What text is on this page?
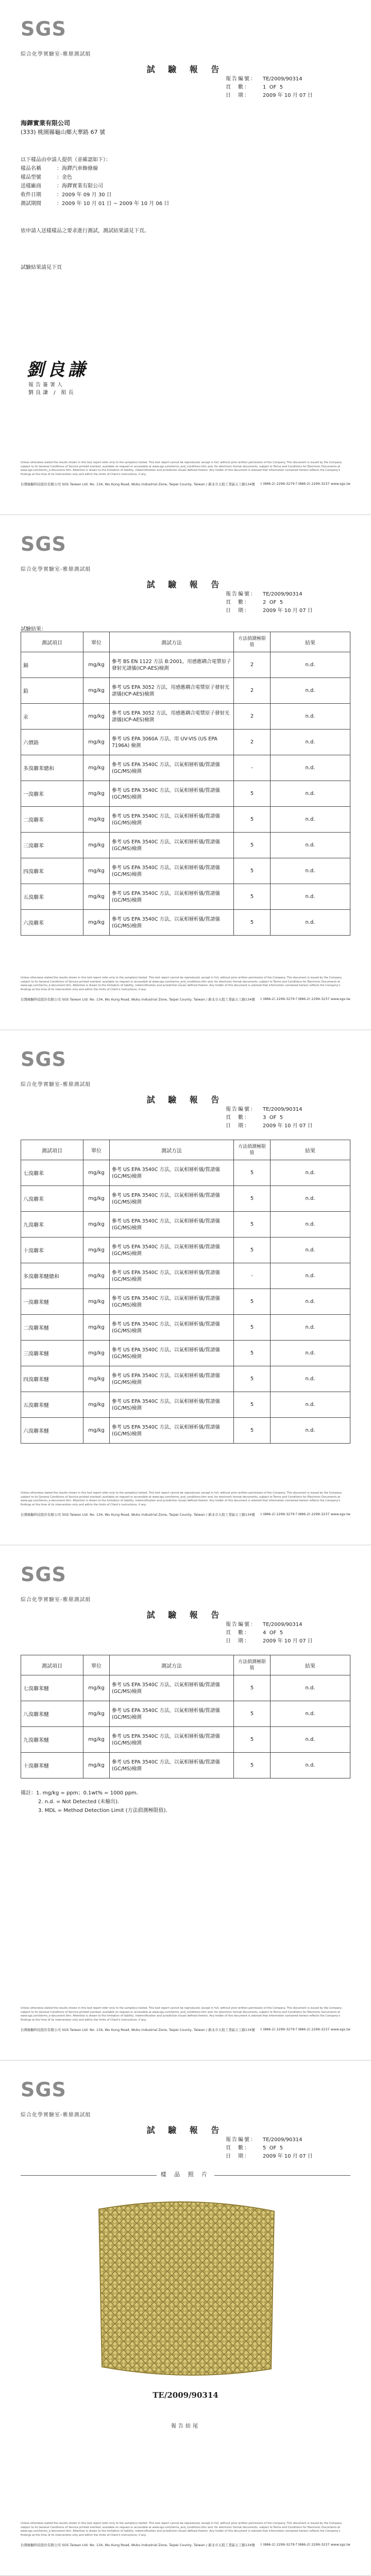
SGS
綜合化學實驗室-雅鼎測試組
試 驗 報 告
報告編號：	TE/2009/90314
頁　數：	1 OF 5
日　期：	2009 年 10 月 07 日
海鐸實業有限公司
(333) 桃園縣龜山鄉大華路 67 號
以下樣品由申請人提供（並確認如下）：
樣品名稱	： 海鐸汽車飾條線
樣品型號	： 金色
送樣廠商	： 海鐸實業有限公司
收件日期	： 2009 年 09 月 30 日
測試期間	： 2009 年 10 月 01 日 ~ 2009 年 10 月 06 日
依申請人送樣樣品之要求進行測試，測試結果請見下頁。
試驗結果請見下頁
劉良謙
報告簽署人
劉良謙 / 組長
Unless otherwise stated the results shown in this test report refer only to the sample(s) tested. This test report cannot be reproduced, except in full, without prior written permission of the Company. This document is issued by the Company subject to its General Conditions of Service printed overleaf, available on request or accessible at www.sgs.com/terms_and_conditions.htm and, for electronic format documents, subject to Terms and Conditions for Electronic Documents at www.sgs.com/terms_e-document.htm. Attention is drawn to the limitation of liability, indemnification and jurisdiction issues defined therein. Any holder of this document is advised that information contained hereon reflects the Company's findings at the time of its intervention only and within the limits of Client's instructions, if any.
台灣檢驗科技股份有限公司 SGS Taiwan Ltd. No. 134, Wu Kung Road, Wuku Industrial Zone, Taipei County, Taiwan / 新北市五股工業區五工路134號 t (886-2) 2299-3279 f (886-2) 2299-3237 www.sgs.tw
SGS
綜合化學實驗室-雅鼎測試組
試 驗 報 告
報告編號：	TE/2009/90314
頁　數：	2 OF 5
日　期：	2009 年 10 月 07 日
試驗結果：
測試項目	單位	測試方法	方法偵測極限值	結果
鎘	mg/kg	參考 BS EN 1122 方法 B:2001，用感應耦合電漿原子發射光譜儀(ICP-AES)檢測	2	n.d.
鉛	mg/kg	參考 US EPA 3052 方法，用感應耦合電漿原子發射光譜儀(ICP-AES)檢測	2	n.d.
汞	mg/kg	參考 US EPA 3052 方法，用感應耦合電漿原子發射光譜儀(ICP-AES)檢測	2	n.d.
六價鉻	mg/kg	參考 US EPA 3060A 方法，用 UV-VIS (US EPA 7196A) 檢測	2	n.d.
多溴聯苯總和	mg/kg	參考 US EPA 3540C 方法，以氣相層析儀/質譜儀(GC/MS)檢測	-	n.d.
一溴聯苯	mg/kg	參考 US EPA 3540C 方法，以氣相層析儀/質譜儀(GC/MS)檢測	5	n.d.
二溴聯苯	mg/kg	參考 US EPA 3540C 方法，以氣相層析儀/質譜儀(GC/MS)檢測	5	n.d.
三溴聯苯	mg/kg	參考 US EPA 3540C 方法，以氣相層析儀/質譜儀(GC/MS)檢測	5	n.d.
四溴聯苯	mg/kg	參考 US EPA 3540C 方法，以氣相層析儀/質譜儀(GC/MS)檢測	5	n.d.
五溴聯苯	mg/kg	參考 US EPA 3540C 方法，以氣相層析儀/質譜儀(GC/MS)檢測	5	n.d.
六溴聯苯	mg/kg	參考 US EPA 3540C 方法，以氣相層析儀/質譜儀(GC/MS)檢測	5	n.d.
Unless otherwise stated the results shown in this test report refer only to the sample(s) tested. This test report cannot be reproduced, except in full, without prior written permission of the Company. This document is issued by the Company subject to its General Conditions of Service printed overleaf, available on request or accessible at www.sgs.com/terms_and_conditions.htm and, for electronic format documents, subject to Terms and Conditions for Electronic Documents at www.sgs.com/terms_e-document.htm. Attention is drawn to the limitation of liability, indemnification and jurisdiction issues defined therein. Any holder of this document is advised that information contained hereon reflects the Company's findings at the time of its intervention only and within the limits of Client's instructions, if any.
台灣檢驗科技股份有限公司 SGS Taiwan Ltd. No. 134, Wu Kung Road, Wuku Industrial Zone, Taipei County, Taiwan / 新北市五股工業區五工路134號 t (886-2) 2299-3279 f (886-2) 2299-3237 www.sgs.tw
SGS
綜合化學實驗室-雅鼎測試組
試 驗 報 告
報告編號：	TE/2009/90314
頁　數：	3 OF 5
日　期：	2009 年 10 月 07 日
測試項目	單位	測試方法	方法偵測極限值	結果
七溴聯苯	mg/kg	參考 US EPA 3540C 方法，以氣相層析儀/質譜儀(GC/MS)檢測	5	n.d.
八溴聯苯	mg/kg	參考 US EPA 3540C 方法，以氣相層析儀/質譜儀(GC/MS)檢測	5	n.d.
九溴聯苯	mg/kg	參考 US EPA 3540C 方法，以氣相層析儀/質譜儀(GC/MS)檢測	5	n.d.
十溴聯苯	mg/kg	參考 US EPA 3540C 方法，以氣相層析儀/質譜儀(GC/MS)檢測	5	n.d.
多溴聯苯醚總和	mg/kg	參考 US EPA 3540C 方法，以氣相層析儀/質譜儀(GC/MS)檢測	-	n.d.
一溴聯苯醚	mg/kg	參考 US EPA 3540C 方法，以氣相層析儀/質譜儀(GC/MS)檢測	5	n.d.
二溴聯苯醚	mg/kg	參考 US EPA 3540C 方法，以氣相層析儀/質譜儀(GC/MS)檢測	5	n.d.
三溴聯苯醚	mg/kg	參考 US EPA 3540C 方法，以氣相層析儀/質譜儀(GC/MS)檢測	5	n.d.
四溴聯苯醚	mg/kg	參考 US EPA 3540C 方法，以氣相層析儀/質譜儀(GC/MS)檢測	5	n.d.
五溴聯苯醚	mg/kg	參考 US EPA 3540C 方法，以氣相層析儀/質譜儀(GC/MS)檢測	5	n.d.
六溴聯苯醚	mg/kg	參考 US EPA 3540C 方法，以氣相層析儀/質譜儀(GC/MS)檢測	5	n.d.
Unless otherwise stated the results shown in this test report refer only to the sample(s) tested. This test report cannot be reproduced, except in full, without prior written permission of the Company. This document is issued by the Company subject to its General Conditions of Service printed overleaf, available on request or accessible at www.sgs.com/terms_and_conditions.htm and, for electronic format documents, subject to Terms and Conditions for Electronic Documents at www.sgs.com/terms_e-document.htm. Attention is drawn to the limitation of liability, indemnification and jurisdiction issues defined therein. Any holder of this document is advised that information contained hereon reflects the Company's findings at the time of its intervention only and within the limits of Client's instructions, if any.
台灣檢驗科技股份有限公司 SGS Taiwan Ltd. No. 134, Wu Kung Road, Wuku Industrial Zone, Taipei County, Taiwan / 新北市五股工業區五工路134號 t (886-2) 2299-3279 f (886-2) 2299-3237 www.sgs.tw
SGS
綜合化學實驗室-雅鼎測試組
試 驗 報 告
報告編號：	TE/2009/90314
頁　數：	4 OF 5
日　期：	2009 年 10 月 07 日
測試項目	單位	測試方法	方法偵測極限值	結果
七溴聯苯醚	mg/kg	參考 US EPA 3540C 方法，以氣相層析儀/質譜儀(GC/MS)檢測	5	n.d.
八溴聯苯醚	mg/kg	參考 US EPA 3540C 方法，以氣相層析儀/質譜儀(GC/MS)檢測	5	n.d.
九溴聯苯醚	mg/kg	參考 US EPA 3540C 方法，以氣相層析儀/質譜儀(GC/MS)檢測	5	n.d.
十溴聯苯醚	mg/kg	參考 US EPA 3540C 方法，以氣相層析儀/質譜儀(GC/MS)檢測	5	n.d.
備註：1. mg/kg = ppm；0.1wt% = 1000 ppm.
2. n.d. = Not Detected (未檢出).
3. MDL = Method Detection Limit (方法偵測極限值).
Unless otherwise stated the results shown in this test report refer only to the sample(s) tested. This test report cannot be reproduced, except in full, without prior written permission of the Company. This document is issued by the Company subject to its General Conditions of Service printed overleaf, available on request or accessible at www.sgs.com/terms_and_conditions.htm and, for electronic format documents, subject to Terms and Conditions for Electronic Documents at www.sgs.com/terms_e-document.htm. Attention is drawn to the limitation of liability, indemnification and jurisdiction issues defined therein. Any holder of this document is advised that information contained hereon reflects the Company's findings at the time of its intervention only and within the limits of Client's instructions, if any.
台灣檢驗科技股份有限公司 SGS Taiwan Ltd. No. 134, Wu Kung Road, Wuku Industrial Zone, Taipei County, Taiwan / 新北市五股工業區五工路134號 t (886-2) 2299-3279 f (886-2) 2299-3237 www.sgs.tw
SGS
綜合化學實驗室-雅鼎測試組
試 驗 報 告
報告編號：	TE/2009/90314
頁　數：	5 OF 5
日　期：	2009 年 10 月 07 日
樣 品 照 片
TE/2009/90314
報告結尾
Unless otherwise stated the results shown in this test report refer only to the sample(s) tested. This test report cannot be reproduced, except in full, without prior written permission of the Company. This document is issued by the Company subject to its General Conditions of Service printed overleaf, available on request or accessible at www.sgs.com/terms_and_conditions.htm and, for electronic format documents, subject to Terms and Conditions for Electronic Documents at www.sgs.com/terms_e-document.htm. Attention is drawn to the limitation of liability, indemnification and jurisdiction issues defined therein. Any holder of this document is advised that information contained hereon reflects the Company's findings at the time of its intervention only and within the limits of Client's instructions, if any.
台灣檢驗科技股份有限公司 SGS Taiwan Ltd. No. 134, Wu Kung Road, Wuku Industrial Zone, Taipei County, Taiwan / 新北市五股工業區五工路134號 t (886-2) 2299-3279 f (886-2) 2299-3237 www.sgs.tw
